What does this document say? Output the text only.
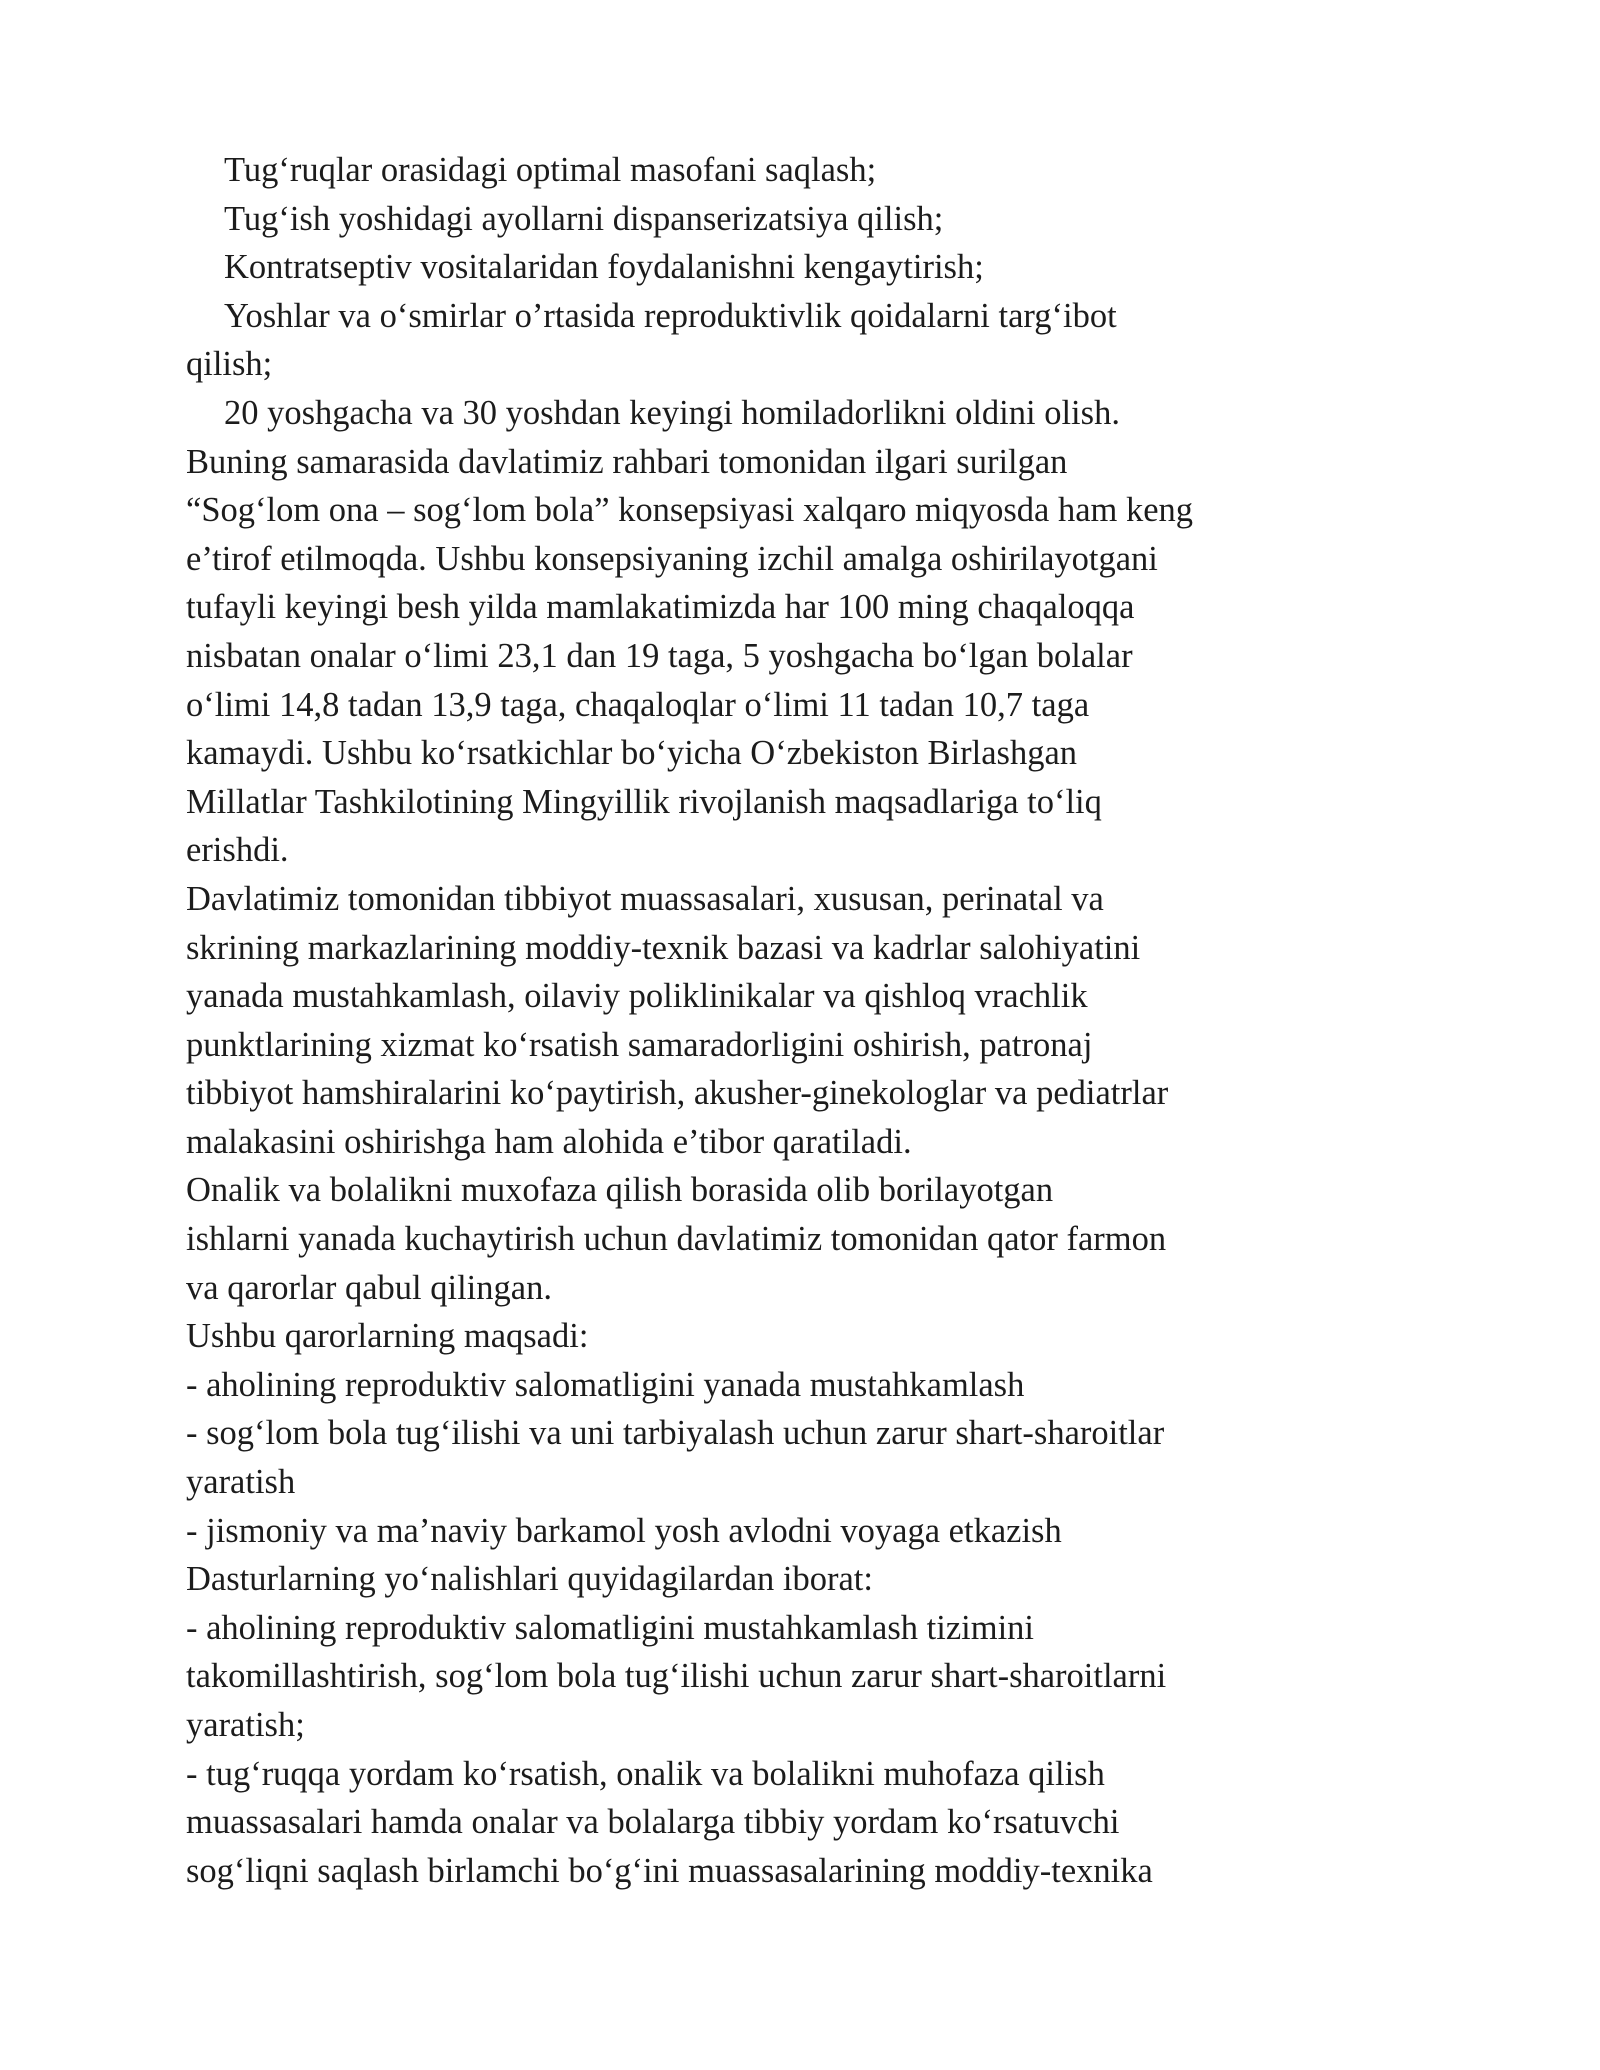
Tug‘ruqlar orasidagi optimal masofani saqlash;
Tug‘ish yoshidagi ayollarni dispanserizatsiya qilish;
Kontratseptiv vositalaridan foydalanishni kengaytirish;
Yoshlar va o‘smirlar o’rtasida reproduktivlik qoidalarni targ‘ibot
qilish;
20 yoshgacha va 30 yoshdan keyingi homiladorlikni oldini olish.
Buning samarasida davlatimiz rahbari tomonidan ilgari surilgan
“Sog‘lom ona – sog‘lom bola” konsepsiyasi xalqaro miqyosda ham keng
e’tirof etilmoqda. Ushbu konsepsiyaning izchil amalga oshirilayotgani
tufayli keyingi besh yilda mamlakatimizda har 100 ming chaqaloqqa
nisbatan onalar o‘limi 23,1 dan 19 taga, 5 yoshgacha bo‘lgan bolalar
o‘limi 14,8 tadan 13,9 taga, chaqaloqlar o‘limi 11 tadan 10,7 taga
kamaydi. Ushbu ko‘rsatkichlar bo‘yicha O‘zbekiston Birlashgan
Millatlar Tashkilotining Mingyillik rivojlanish maqsadlariga to‘liq
erishdi.
Davlatimiz tomonidan tibbiyot muassasalari, xususan, perinatal va
skrining markazlarining moddiy-texnik bazasi va kadrlar salohiyatini
yanada mustahkamlash, oilaviy poliklinikalar va qishloq vrachlik
punktlarining xizmat ko‘rsatish samaradorligini oshirish, patronaj
tibbiyot hamshiralarini ko‘paytirish, akusher-ginekologlar va pediatrlar
malakasini oshirishga ham alohida e’tibor qaratiladi.
Onalik va bolalikni muxofaza qilish borasida olib borilayotgan
ishlarni yanada kuchaytirish uchun davlatimiz tomonidan qator farmon
va qarorlar qabul qilingan.
Ushbu qarorlarning maqsadi:
- aholining reproduktiv salomatligini yanada mustahkamlash
- sog‘lom bola tug‘ilishi va uni tarbiyalash uchun zarur shart-sharoitlar
yaratish
- jismoniy va ma’naviy barkamol yosh avlodni voyaga etkazish
Dasturlarning yo‘nalishlari quyidagilardan iborat:
- aholining reproduktiv salomatligini mustahkamlash tizimini
takomillashtirish, sog‘lom bola tug‘ilishi uchun zarur shart-sharoitlarni
yaratish;
- tug‘ruqqa yordam ko‘rsatish, onalik va bolalikni muhofaza qilish
muassasalari hamda onalar va bolalarga tibbiy yordam ko‘rsatuvchi
sog‘liqni saqlash birlamchi bo‘g‘ini muassasalarining moddiy-texnika
